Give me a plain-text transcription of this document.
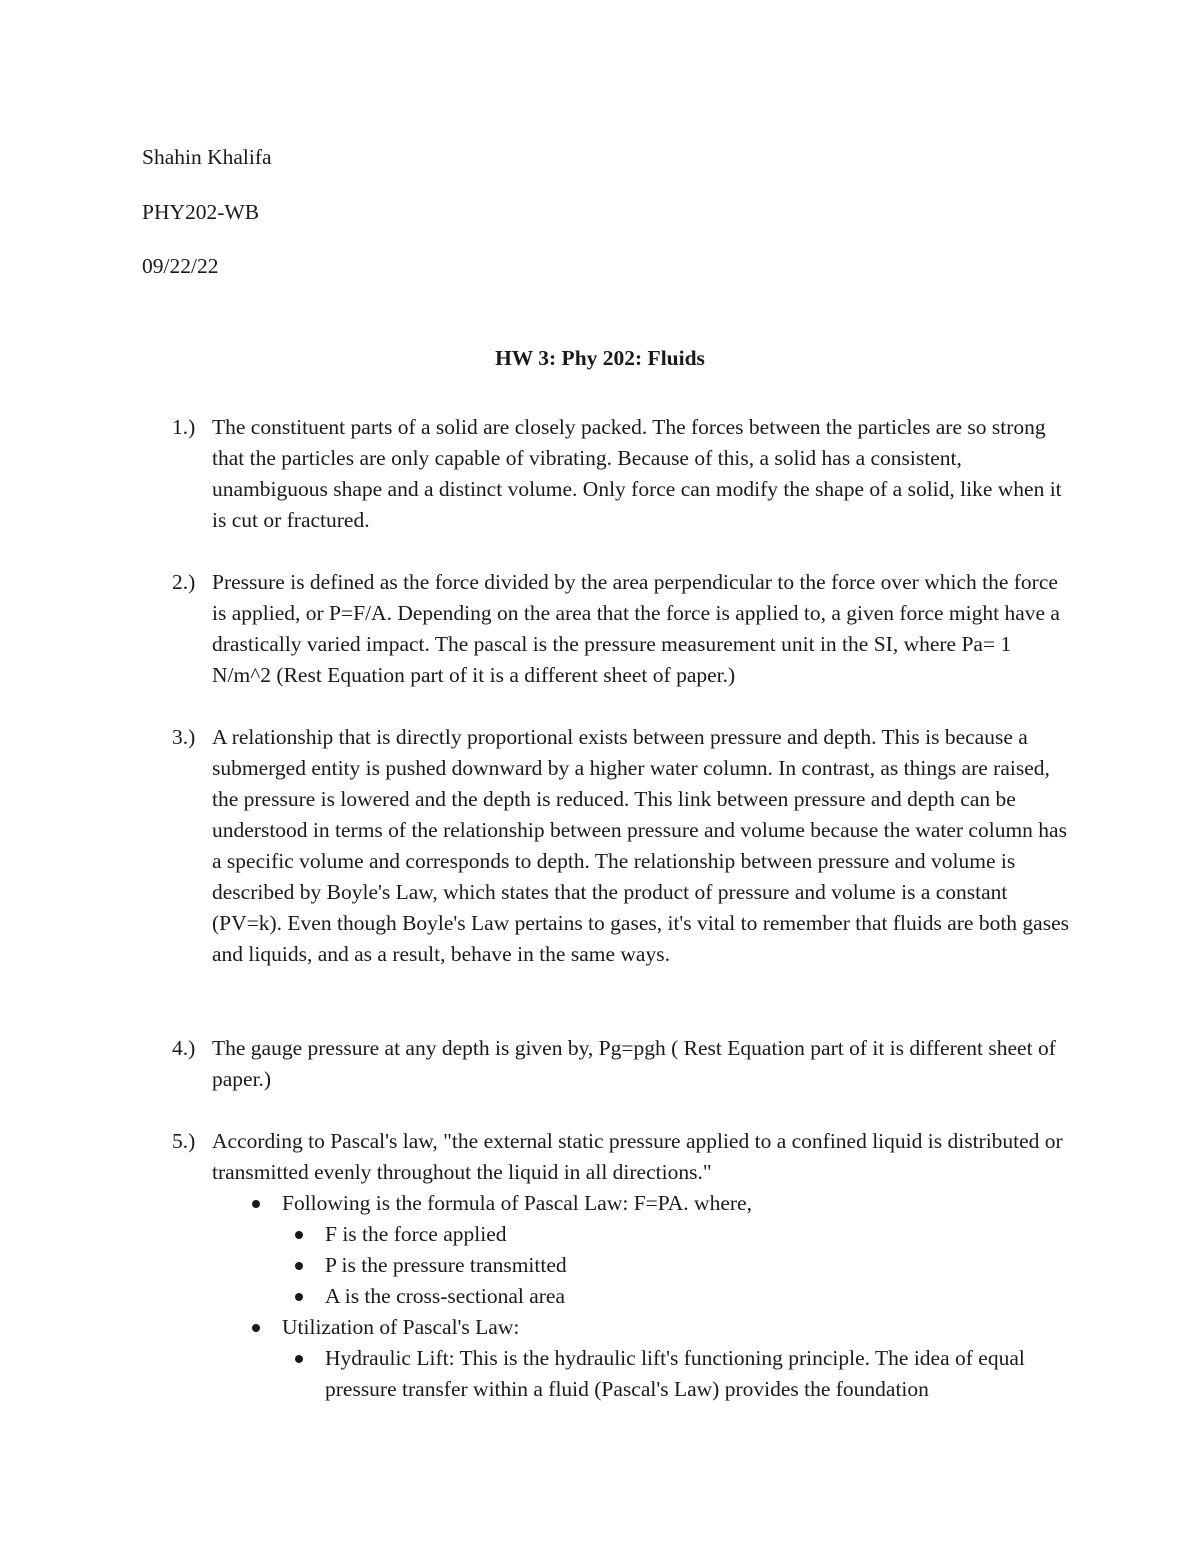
Shahin Khalifa
PHY202-WB
09/22/22
HW 3: Phy 202: Fluids
1.) The constituent parts of a solid are closely packed. The forces between the particles are so strong that the particles are only capable of vibrating. Because of this, a solid has a consistent, unambiguous shape and a distinct volume. Only force can modify the shape of a solid, like when it is cut or fractured.
2.) Pressure is defined as the force divided by the area perpendicular to the force over which the force is applied, or P=F/A. Depending on the area that the force is applied to, a given force might have a drastically varied impact. The pascal is the pressure measurement unit in the SI, where Pa= 1 N/m^2 (Rest Equation part of it is a different sheet of paper.)
3.) A relationship that is directly proportional exists between pressure and depth. This is because a submerged entity is pushed downward by a higher water column. In contrast, as things are raised, the pressure is lowered and the depth is reduced. This link between pressure and depth can be understood in terms of the relationship between pressure and volume because the water column has a specific volume and corresponds to depth. The relationship between pressure and volume is described by Boyle's Law, which states that the product of pressure and volume is a constant (PV=k). Even though Boyle's Law pertains to gases, it's vital to remember that fluids are both gases and liquids, and as a result, behave in the same ways.
4.) The gauge pressure at any depth is given by, Pg=pgh ( Rest Equation part of it is different sheet of paper.)
5.) According to Pascal's law, "the external static pressure applied to a confined liquid is distributed or transmitted evenly throughout the liquid in all directions."
Following is the formula of Pascal Law: F=PA. where,
F is the force applied
P is the pressure transmitted
A is the cross-sectional area
Utilization of Pascal's Law:
Hydraulic Lift: This is the hydraulic lift's functioning principle. The idea of equal pressure transfer within a fluid (Pascal's Law) provides the foundation
